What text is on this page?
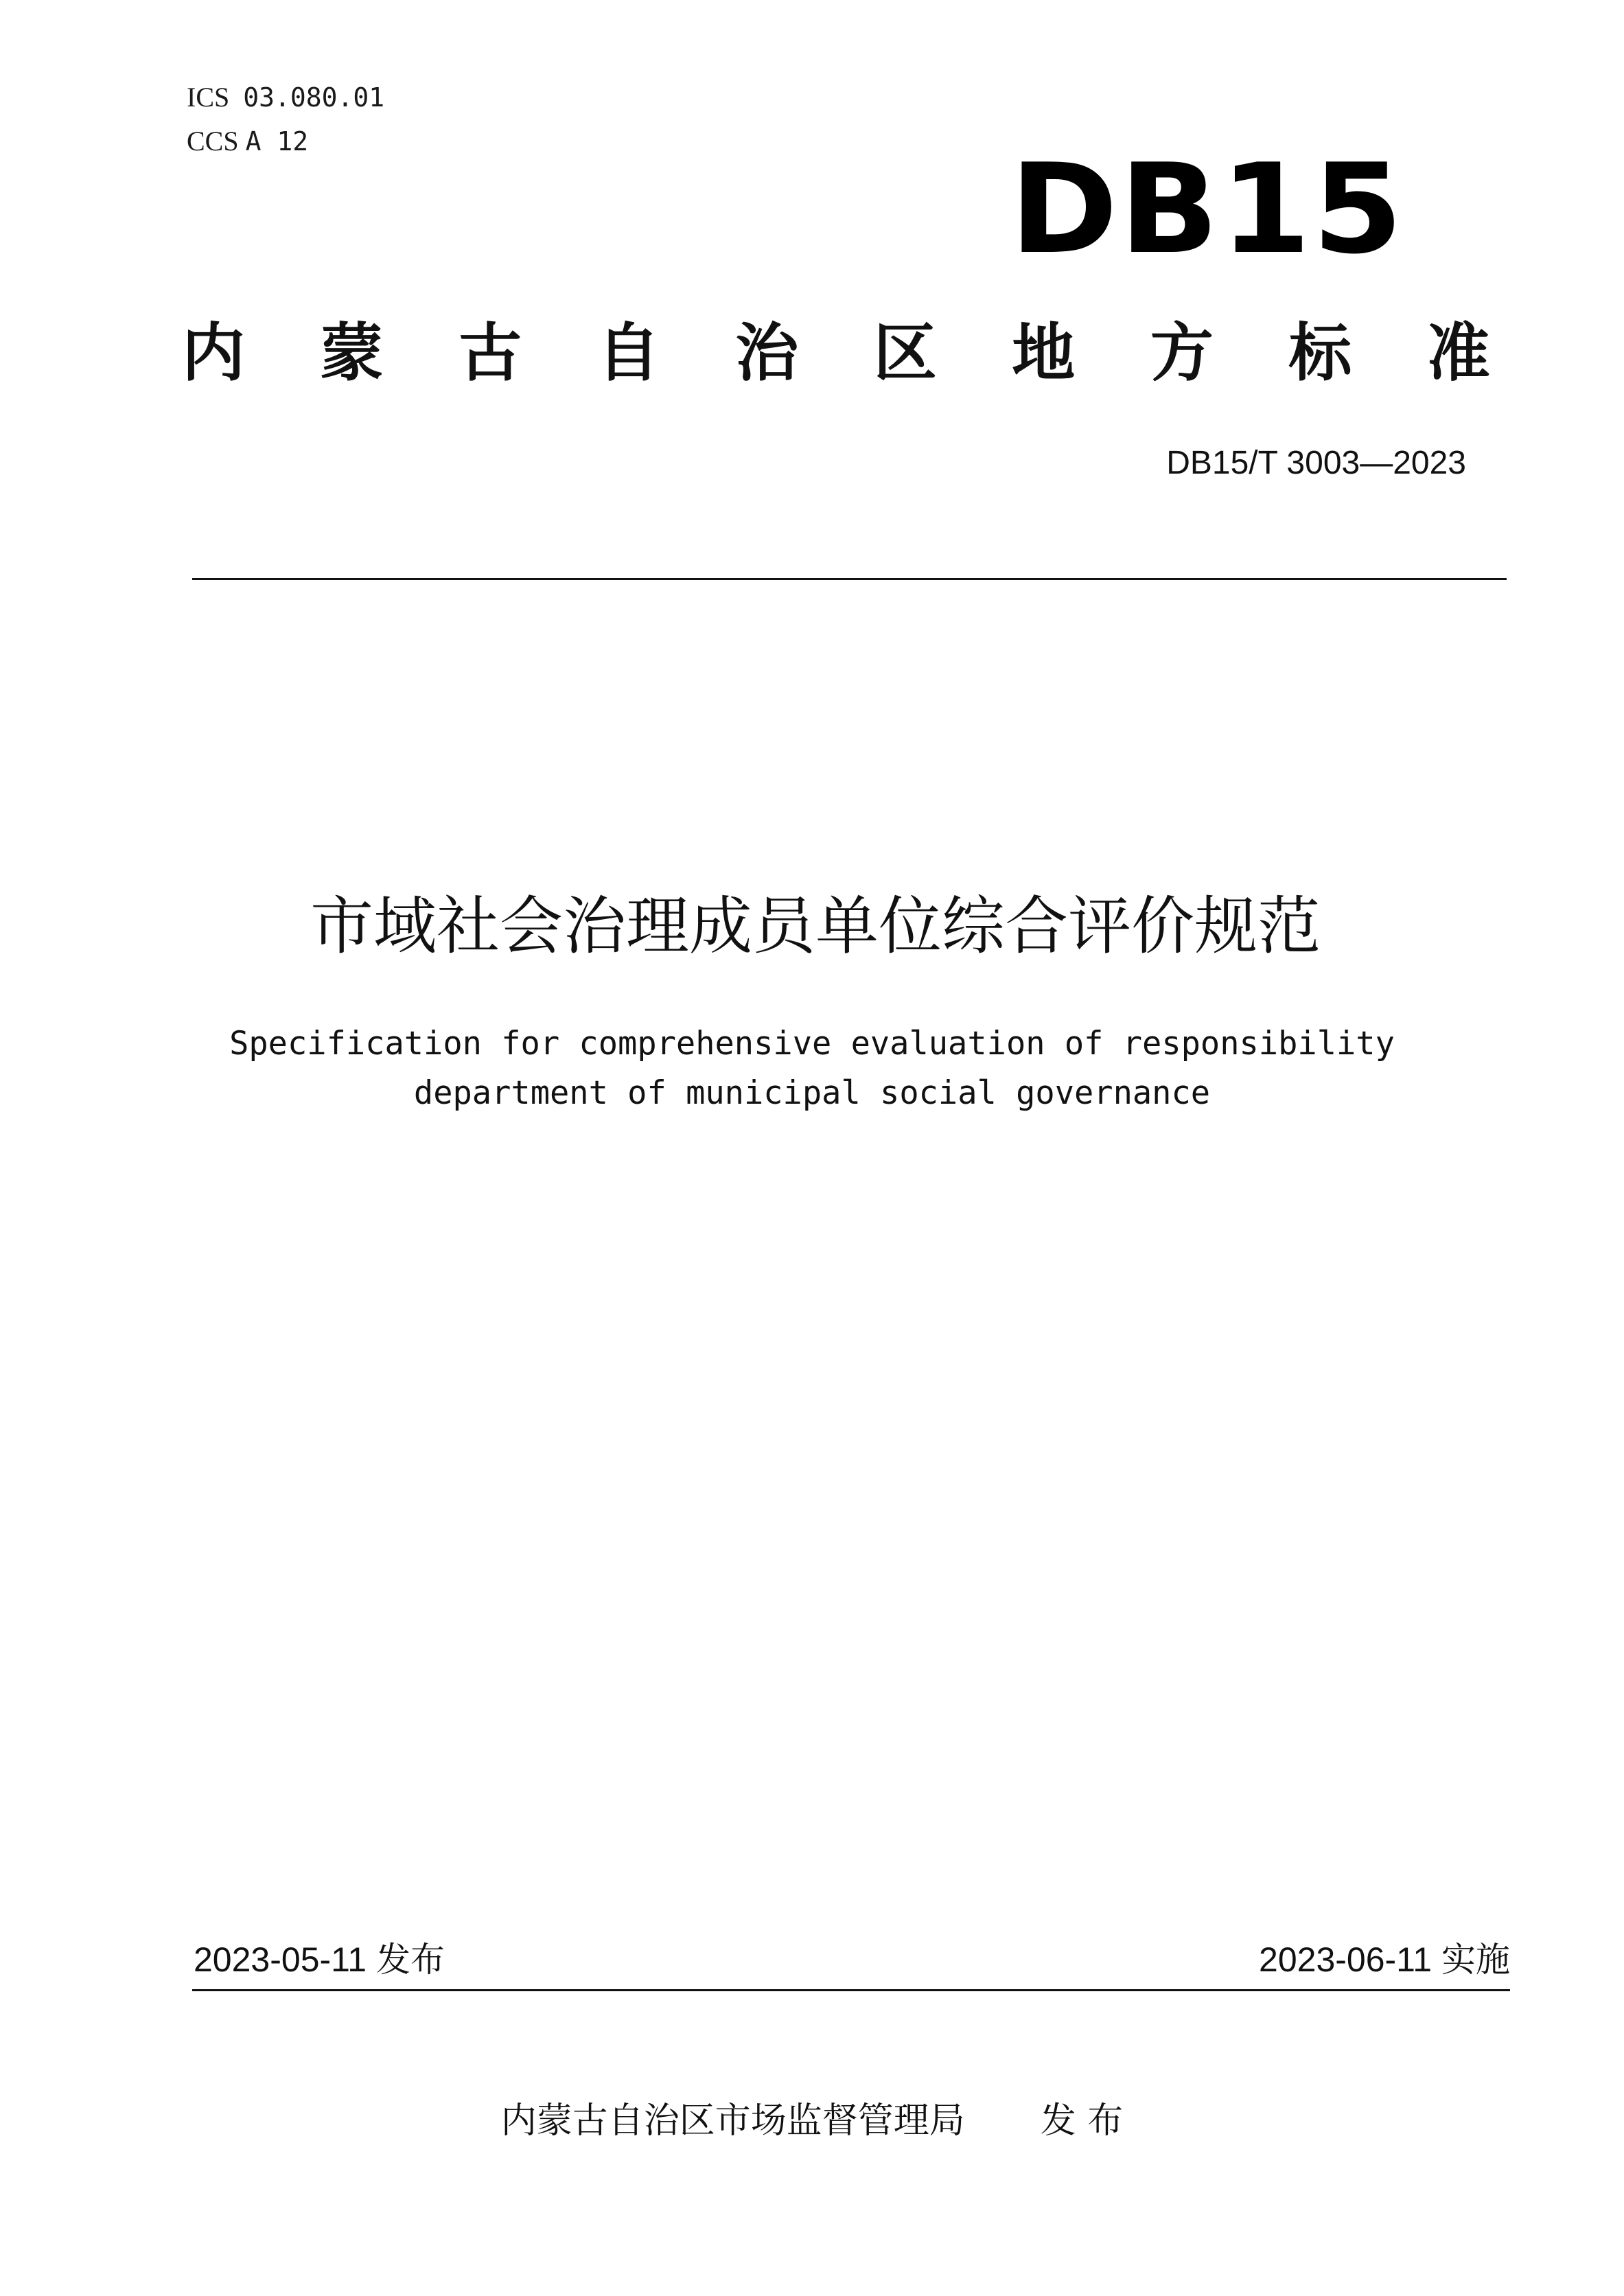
ICS 03.080.01
CCS A 12	DB15
内 蒙 古 自 治 区 地 方 标 准
DB15/T 3003—2023
市域社会治理成员单位综合评价规范
Specification for comprehensive evaluation of responsibility
department of municipal social governance
2023-05-11 发布	2023-06-11 实施
内蒙古自治区市场监督管理局 发 布
